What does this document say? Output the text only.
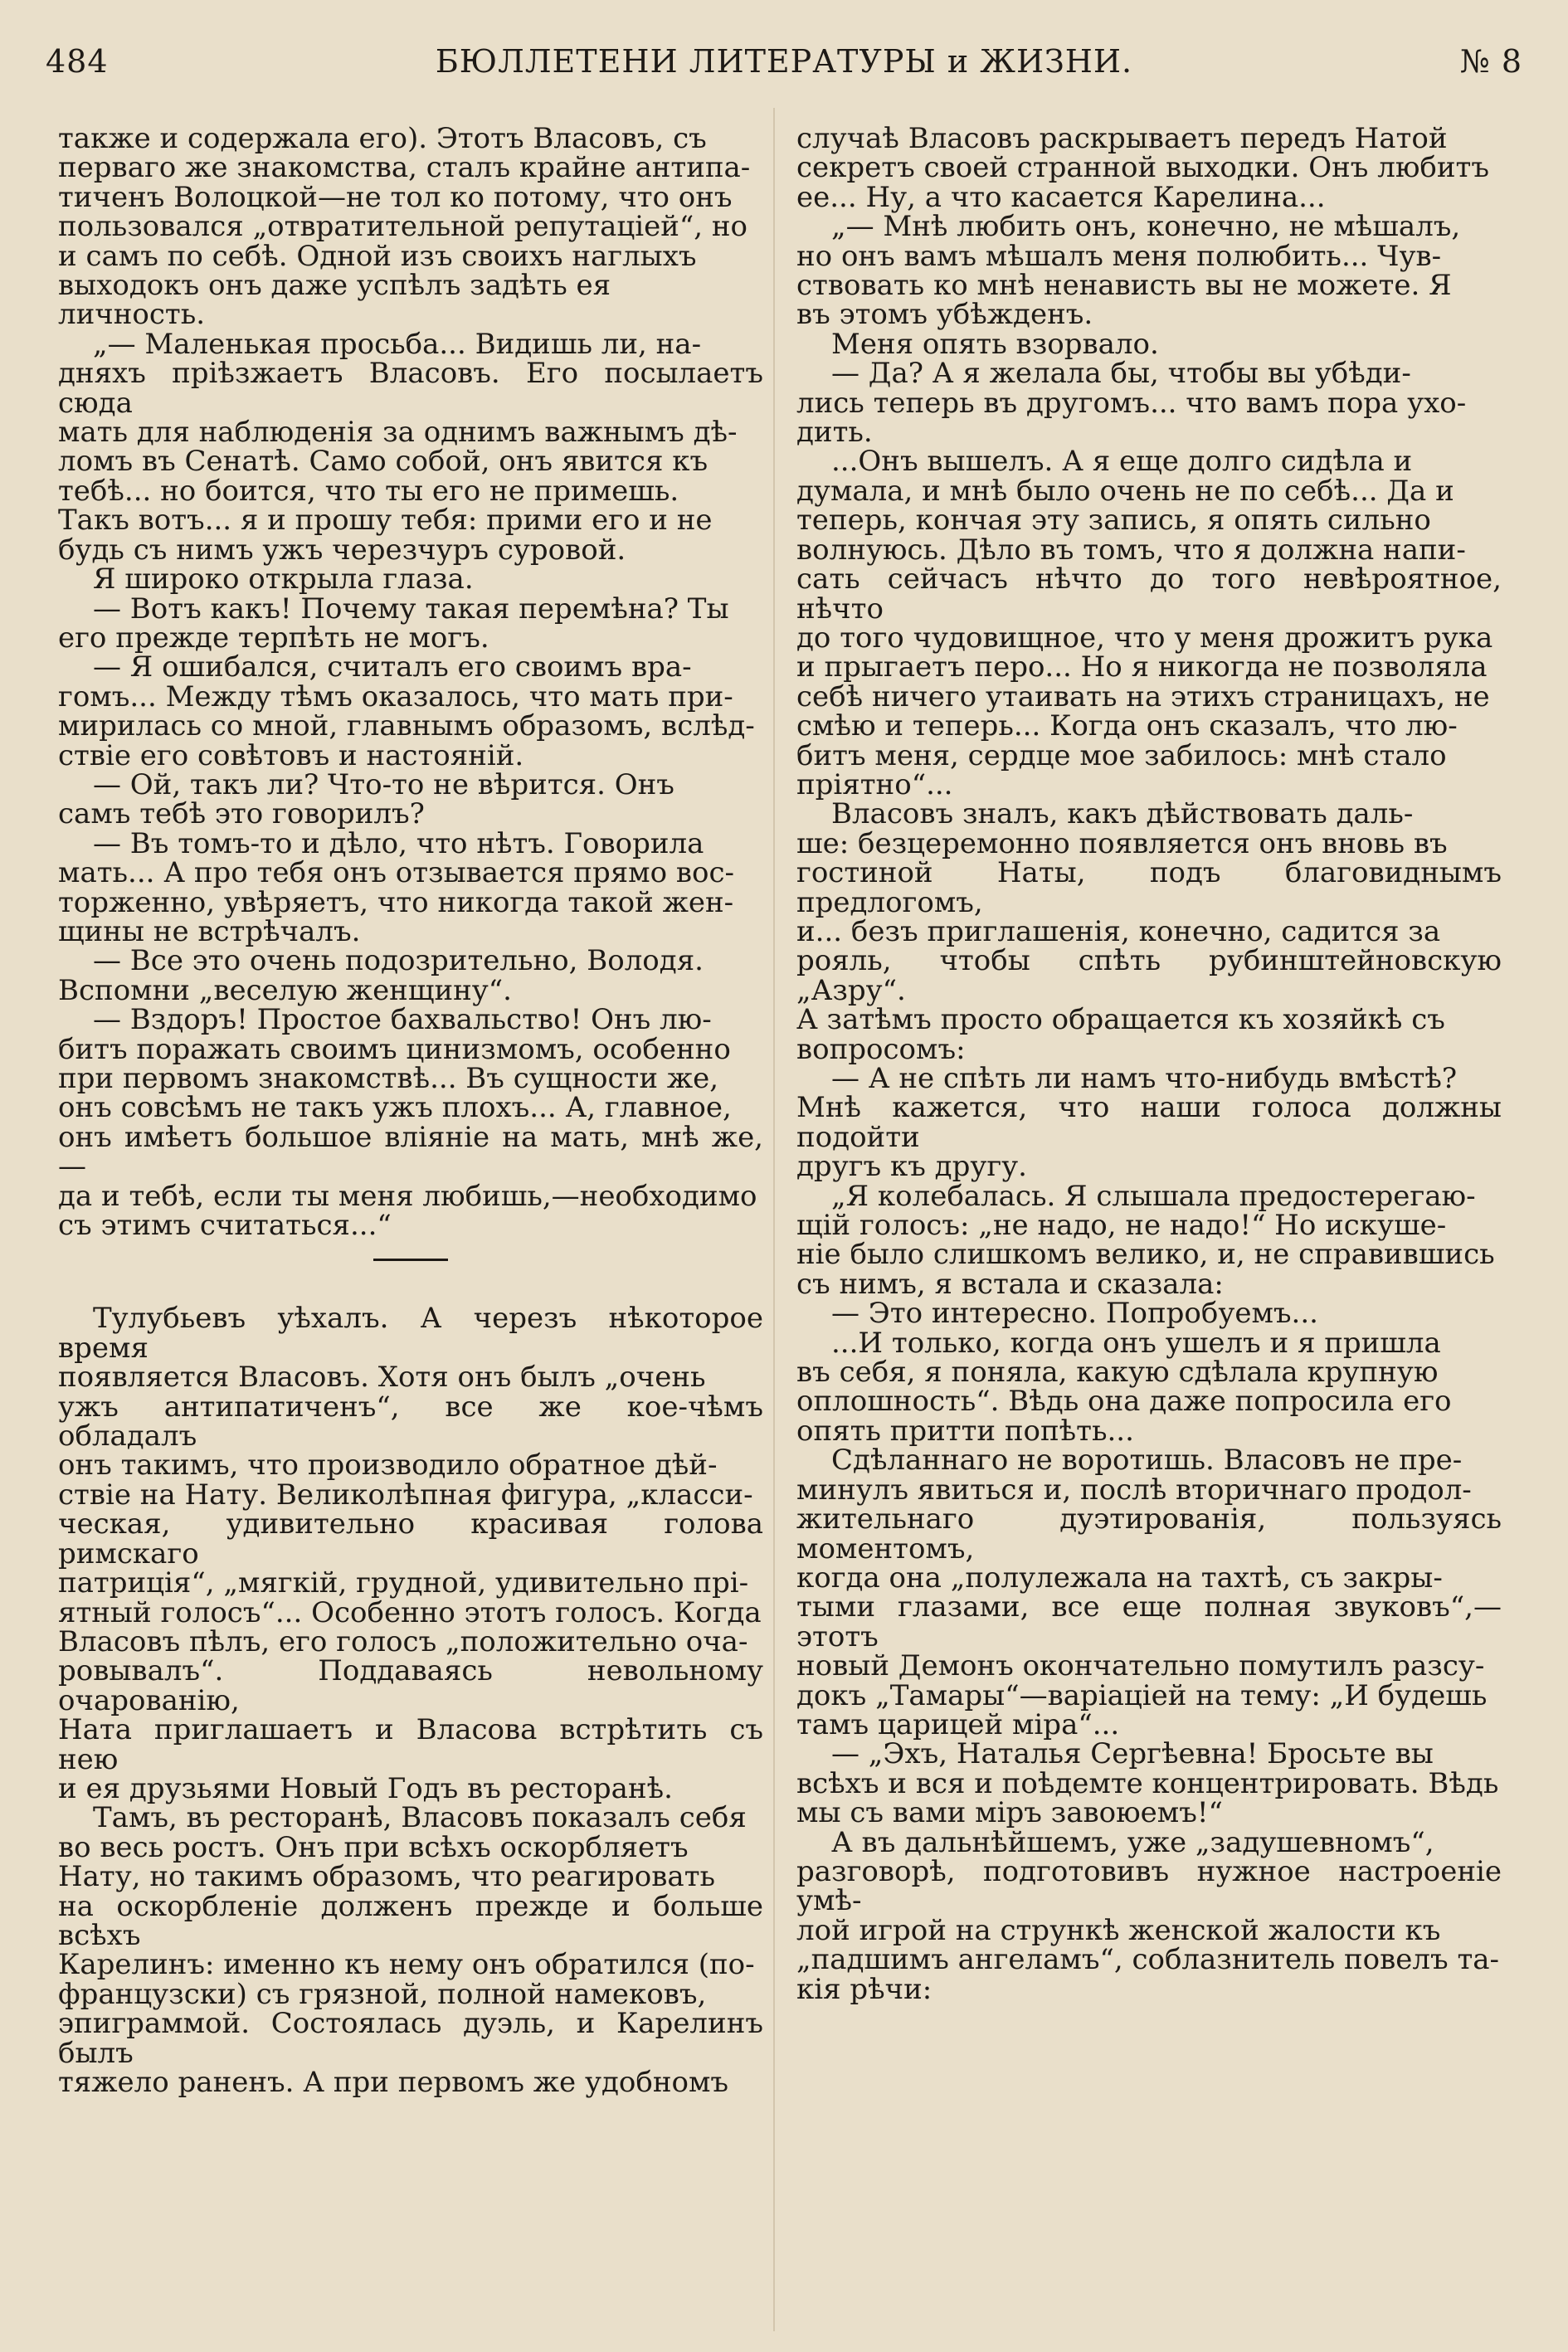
484	БЮЛЛЕТЕНИ ЛИТЕРАТУРЫ и ЖИЗНИ.	№ 8

также и содержала его). Этотъ Власовъ, съ
перваго же знакомства, сталъ крайне антипа-
тиченъ Волоцкой—не тол ко потому, что онъ
пользовался „отвратительной репутацiей“, но
и самъ по себѣ. Одной изъ своихъ наглыхъ
выходокъ онъ даже успѣлъ задѣть ея
личность.

„— Маленькая просьба... Видишь ли, на-
дняхъ прiѣзжаетъ Власовъ. Его посылаетъ сюда
мать для наблюденiя за однимъ важнымъ дѣ-
ломъ въ Сенатѣ. Само собой, онъ явится къ
тебѣ... но боится, что ты его не примешь.
Такъ вотъ... я и прошу тебя: прими его и не
будь съ нимъ ужъ черезчуръ суровой.

Я широко открыла глаза.

— Вотъ какъ! Почему такая перемѣна? Ты
его прежде терпѣть не могъ.

— Я ошибался, считалъ его своимъ вра-
гомъ... Между тѣмъ оказалось, что мать при-
мирилась со мной, главнымъ образомъ, вслѣд-
ствiе его совѣтовъ и настоянiй.

— Ой, такъ ли? Что-то не вѣрится. Онъ
самъ тебѣ это говорилъ?

— Въ томъ-то и дѣло, что нѣтъ. Говорила
мать... А про тебя онъ отзывается прямо вос-
торженно, увѣряетъ, что никогда такой жен-
щины не встрѣчалъ.

— Все это очень подозрительно, Володя.
Вспомни „веселую женщину“.

— Вздоръ! Простое бахвальство! Онъ лю-
битъ поражать своимъ цинизмомъ, особенно
при первомъ знакомствѣ... Въ сущности же,
онъ совсѣмъ не такъ ужъ плохъ... А, главное,
онъ имѣетъ большое влiянiе на мать, мнѣ же,—
да и тебѣ, если ты меня любишь,—необходимо
съ этимъ считаться...“

Тулубьевъ уѣхалъ. А черезъ нѣкоторое время
появляется Власовъ. Хотя онъ былъ „очень
ужъ антипатиченъ“, все же кое-чѣмъ обладалъ
онъ такимъ, что производило обратное дѣй-
ствiе на Нату. Великолѣпная фигура, „класси-
ческая, удивительно красивая голова римскаго
патрицiя“, „мягкiй, грудной, удивительно прi-
ятный голосъ“... Особенно этотъ голосъ. Когда
Власовъ пѣлъ, его голосъ „положительно оча-
ровывалъ“. Поддаваясь невольному очарованiю,
Ната приглашаетъ и Власова встрѣтить съ нею
и ея друзьями Новый Годъ въ ресторанѣ.

Тамъ, въ ресторанѣ, Власовъ показалъ себя
во весь ростъ. Онъ при всѣхъ оскорбляетъ
Нату, но такимъ образомъ, что реагировать
на оскорбленiе долженъ прежде и больше всѣхъ
Карелинъ: именно къ нему онъ обратился (по-
французски) съ грязной, полной намековъ,
эпиграммой. Состоялась дуэль, и Карелинъ былъ
тяжело раненъ. А при первомъ же удобномъ

случаѣ Власовъ раскрываетъ передъ Натой
секретъ своей странной выходки. Онъ любитъ
ее... Ну, а что касается Карелина...

„— Мнѣ любить онъ, конечно, не мѣшалъ,
но онъ вамъ мѣшалъ меня полюбить... Чув-
ствовать ко мнѣ ненависть вы не можете. Я
въ этомъ убѣжденъ.

Меня опять взорвало.

— Да? А я желала бы, чтобы вы убѣди-
лись теперь въ другомъ... что вамъ пора ухо-
дить.

...Онъ вышелъ. А я еще долго сидѣла и
думала, и мнѣ было очень не по себѣ... Да и
теперь, кончая эту запись, я опять сильно
волнуюсь. Дѣло въ томъ, что я должна напи-
сать сейчасъ нѣчто до того невѣроятное, нѣчто
до того чудовищное, что у меня дрожитъ рука
и прыгаетъ перо... Но я никогда не позволяла
себѣ ничего утаивать на этихъ страницахъ, не
смѣю и теперь... Когда онъ сказалъ, что лю-
битъ меня, сердце мое забилось: мнѣ стало
прiятно“...

Власовъ зналъ, какъ дѣйствовать даль-
ше: безцеремонно появляется онъ вновь въ
гостиной Наты, подъ благовиднымъ предлогомъ,
и... безъ приглашенiя, конечно, садится за
рояль, чтобы спѣть рубинштейновскую „Азру“.
А затѣмъ просто обращается къ хозяйкѣ съ
вопросомъ:

— А не спѣть ли намъ что-нибудь вмѣстѣ?
Мнѣ кажется, что наши голоса должны подойти
другъ къ другу.

„Я колебалась. Я слышала предостерегаю-
щiй голосъ: „не надо, не надо!“ Но искуше-
нiе было слишкомъ велико, и, не справившись
съ нимъ, я встала и сказала:

— Это интересно. Попробуемъ...

...И только, когда онъ ушелъ и я пришла
въ себя, я поняла, какую сдѣлала крупную
оплошность“. Вѣдь она даже попросила его
опять притти попѣть...

Сдѣланнаго не воротишь. Власовъ не пре-
минулъ явиться и, послѣ вторичнаго продол-
жительнаго дуэтированiя, пользуясь моментомъ,
когда она „полулежала на тахтѣ, съ закры-
тыми глазами, все еще полная звуковъ“,—этотъ
новый Демонъ окончательно помутилъ разсу-
докъ „Тамары“—варiацiей на тему: „И будешь
тамъ царицей мiра“...

— „Эхъ, Наталья Сергѣевна! Бросьте вы
всѣхъ и вся и поѣдемте концентрировать. Вѣдь
мы съ вами мiръ завоюемъ!“

А въ дальнѣйшемъ, уже „задушевномъ“,
разговорѣ, подготовивъ нужное настроенiе умѣ-
лой игрой на стрункѣ женской жалости къ
„падшимъ ангеламъ“, соблазнитель повелъ та-
кiя рѣчи:
